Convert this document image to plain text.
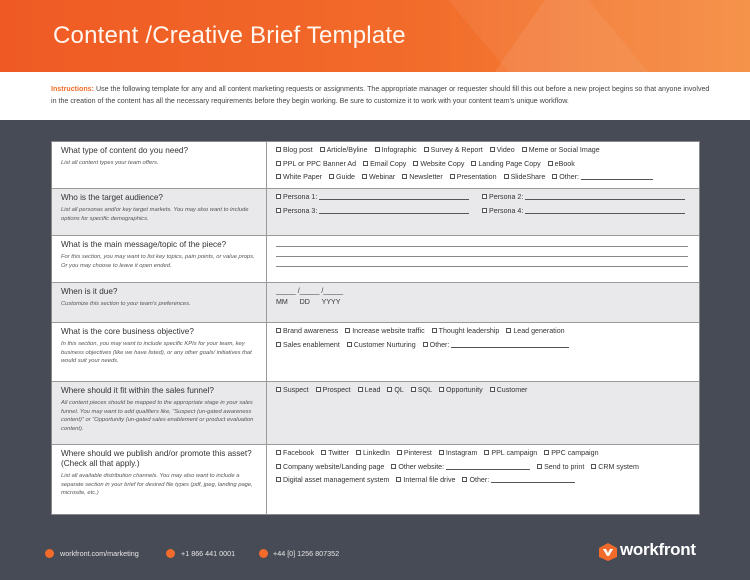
Content /Creative Brief Template
Instructions: Use the following template for any and all content marketing requests or assignments. The appropriate manager or requester should fill this out before a new project begins so that anyone involved in the creation of the content has all the necessary requirements before they begin working. Be sure to customize it to work with your content team's unique workflow.
What type of content do you need?
List all content types your team offers.
Blog post Article/Byline Infographic Survey & Report Video Meme or Social Image
PPL or PPC Banner Ad Email Copy Website Copy Landing Page Copy eBook
White Paper Guide Webinar Newsletter Presentation SlideShare Other:
Who is the target audience?
List all personas and/or key target markets. You may also want to include options for specific demographics.
Persona 1:	Persona 2:
Persona 3:	Persona 4:
What is the main message/topic of the piece?
For this section, you may want to list key topics, pain points, or value props. Or you may choose to leave it open ended.
When is it due?
Customize this section to your team's preferences.
_____ /_____ /_____
MM      DD      YYYY
What is the core business objective?
In this section, you may want to include specific KPIs for your team, key business objectives (like we have listed), or any other goals/ initiatives that would suit your needs.
Brand awareness Increase website traffic Thought leadership Lead generation
Sales enablement Customer Nurturing Other:
Where should it fit within the sales funnel?
All content pieces should be mapped to the appropriate stage in your sales funnel. You may want to add qualifiers like, “Suspect (un-gated awareness content)” or “Opportunity (un-gated sales enablement or product evaluation content).
Suspect Prospect Lead QL SQL Opportunity Customer
Where should we publish and/or promote this asset? (Check all that apply.)
List all available distribution channels. You may also want to include a separate section in your brief for desired file types (pdf, jpeg, landing page, microsite, etc.)
Facebook Twitter LinkedIn Pinterest Instagram PPL campaign PPC campaign
Company website/Landing page Other website:	Send to print CRM system
Digital asset management system Internal file drive Other:
workfront.com/marketing	+1 866 441 0001	+44 [0] 1256 807352	workfront
